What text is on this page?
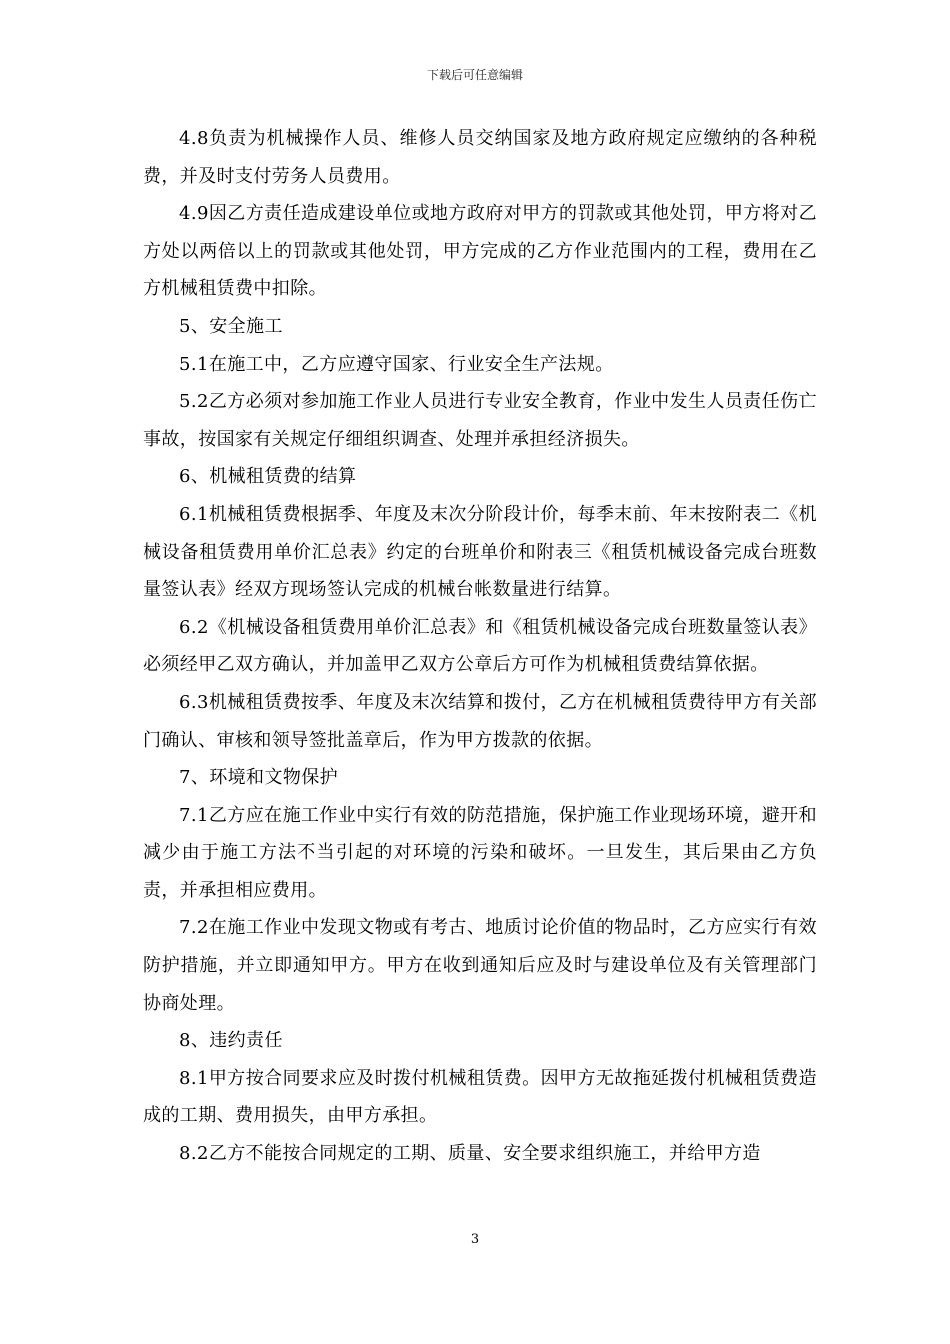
下载后可任意编辑

4.8负责为机械操作人员、维修人员交纳国家及地方政府规定应缴纳的各种税费，并及时支付劳务人员费用。

4.9因乙方责任造成建设单位或地方政府对甲方的罚款或其他处罚，甲方将对乙方处以两倍以上的罚款或其他处罚，甲方完成的乙方作业范围内的工程，费用在乙方机械租赁费中扣除。

5、安全施工

5.1在施工中，乙方应遵守国家、行业安全生产法规。

5.2乙方必须对参加施工作业人员进行专业安全教育，作业中发生人员责任伤亡事故，按国家有关规定仔细组织调查、处理并承担经济损失。

6、机械租赁费的结算

6.1机械租赁费根据季、年度及末次分阶段计价，每季末前、年末按附表二《机械设备租赁费用单价汇总表》约定的台班单价和附表三《租赁机械设备完成台班数量签认表》经双方现场签认完成的机械台帐数量进行结算。

6.2《机械设备租赁费用单价汇总表》和《租赁机械设备完成台班数量签认表》必须经甲乙双方确认，并加盖甲乙双方公章后方可作为机械租赁费结算依据。

6.3机械租赁费按季、年度及末次结算和拨付，乙方在机械租赁费待甲方有关部门确认、审核和领导签批盖章后，作为甲方拨款的依据。

7、环境和文物保护

7.1乙方应在施工作业中实行有效的防范措施，保护施工作业现场环境，避开和减少由于施工方法不当引起的对环境的污染和破坏。一旦发生，其后果由乙方负责，并承担相应费用。

7.2在施工作业中发现文物或有考古、地质讨论价值的物品时，乙方应实行有效防护措施，并立即通知甲方。甲方在收到通知后应及时与建设单位及有关管理部门协商处理。

8、违约责任

8.1甲方按合同要求应及时拨付机械租赁费。因甲方无故拖延拨付机械租赁费造成的工期、费用损失，由甲方承担。

8.2乙方不能按合同规定的工期、质量、安全要求组织施工，并给甲方造

3
